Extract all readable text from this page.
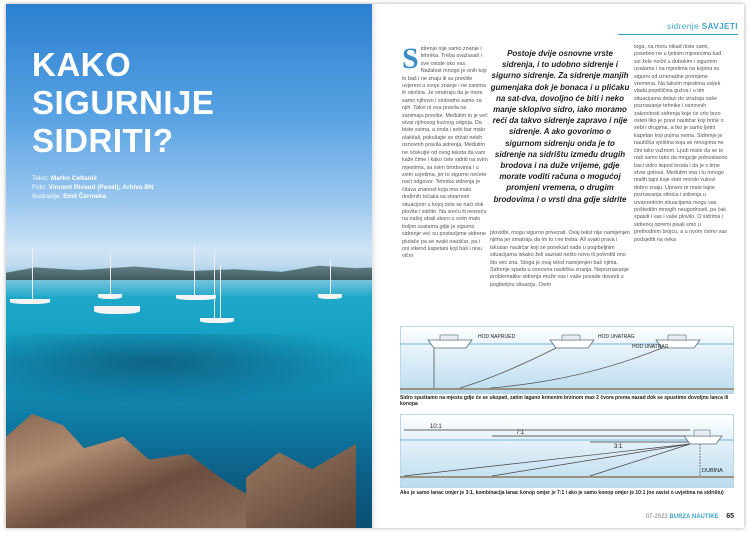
KAKO
SIGURNIJE
SIDRITI?
Tekst: Marko Celtanić
Foto: Vincent Rivaud (Pexel); Arhiva BN
Ilustracije: Emil Čermeka
sidrenje SAVJETI
Sidrenje nije samo znanje i tehnika. Treba uvažavati i sve ostale oko vas. Nažalost mnogo je onih koji to baš i ne znaju ili su previše uvjereni u svoje znanje i ne zanima ih okolina. Je smatraju da je more samo njihovo i slobodno samo za njih. Takvi ni ova pravila ne zanimaju previše. Međutim to je već stvar njihovog kućnog odgoja. Da biste svima, a onda i sebi bar malo olakšali, pokušajte se držati nekih osnovnih pravila sidrenja. Međutim ne očekujte od ovog teksta da vam kaže čime i kako ćete sidriti na svim mjestima, sa svim brodovima i u svim uvjetima, jer to sigurno nećete naći odgovor. Tehnika sidrenja je čitava znanost koja ima malo dodirnih točaka sa stvarnom situacijom u kojoj ćete se naći dok plovite i sidrite. Na sreću ili nesreću na našoj obali skoro u svim malo boljim uvalama gdje je sigurno sidrenje već su postavljene sidrene plutače pa se svaki nautičar, pa i oni vikend kapetani koji baš i nisu vični
Postoje dvije osnovne vrste sidrenja, i to udobno sidrenje i sigurno sidrenje. Za sidrenje manjih gumenjaka dok je bonaca i u plićaku na sat-dva, dovoljno će biti i neko manje sklopivo sidro, iako moramo reći da takvo sidrenje zapravo i nije sidrenje. A ako govorimo o sigurnom sidrenju onda je to sidrenje na sidrištu između drugih brodova i na duže vrijeme, gdje morate voditi računa o mogućoj promjeni vremena, o drugim brodovima i o vrsti dna gdje sidrite
plovidbi, mogu sigurno privezati. Ovaj tekst nije namijenjen njima jer smatraju da im to i ne treba. Ali svaki prava i iskusan nautičar koji se ponekad nađe u pogibeljnim situacijama iskako želi saznati nešto novo ili potvrditi ono što već zna. Stoga je ovaj tekst namijenjen baš njima. Sidrenje spada u osnovna nautička znanja. Nepoznavanje problematike sidrenja može vas i vaše posade dovesti u pogibeljnu situaciju. Osim
toga, na moru nikad niste sami, posebno ne u ljetnim mjesecima kad svi žele noćiti u dubokim i sigurnim uvalama i na mjestima na kojima su sigurni od iznenadne promjene vremena. Na takvim mjestima uvijek vlada popriličina gužva i u tim situacijama dolazi do izražaja vaše poznavanje tehnike i osnovnih zakonitosti sidrenja koje će vrlo brzo osteti liko je pravi nautičar koji brine o sebi i drugima, a tko je samo ljetni kapetan koji pojma nema. Sidrenje je nautička vještina koja se mnogima ne čini tako važnom. Ljudi misle da se to radi samo tako da mogcije jednostavno baci sidro iispod broda i da je s time stvar gotova. Međutim ima i tu mnogo malih tajni koje stari morski vukovi dobro znaju. Upravo te male tajne poznavanja sitnica i sidrenja u izvanrednim situacijama mogu vas pošteditin mnogih neugodnosti, pa čak spasiti i vas i vaše plovilo. O sidrima i sidrenoj opremi pisali smo u prethodnim brojcu, a u ovom ćemo vas podsjetiti na neka
HOD NAPRIJED	HOD UNATRAG
HOD UNATRAG
Sidro spuštamo na mjestu gdje će se ukopati, zatim lagano krmenim brzinom max 2 čvora prema nazad dok se spustimo dovoljno lanca ili konopa
10:1
7:1
3:1
DUBINA
Ako je samo lanac omjer je 3:1, kombinacija lanac konop omjer je 7:1 i ako je samo konop omjer je 10:1 (ne zavisi o uvjetima na sidrištu)
07-2022 BURZA NAUTIKE 65
